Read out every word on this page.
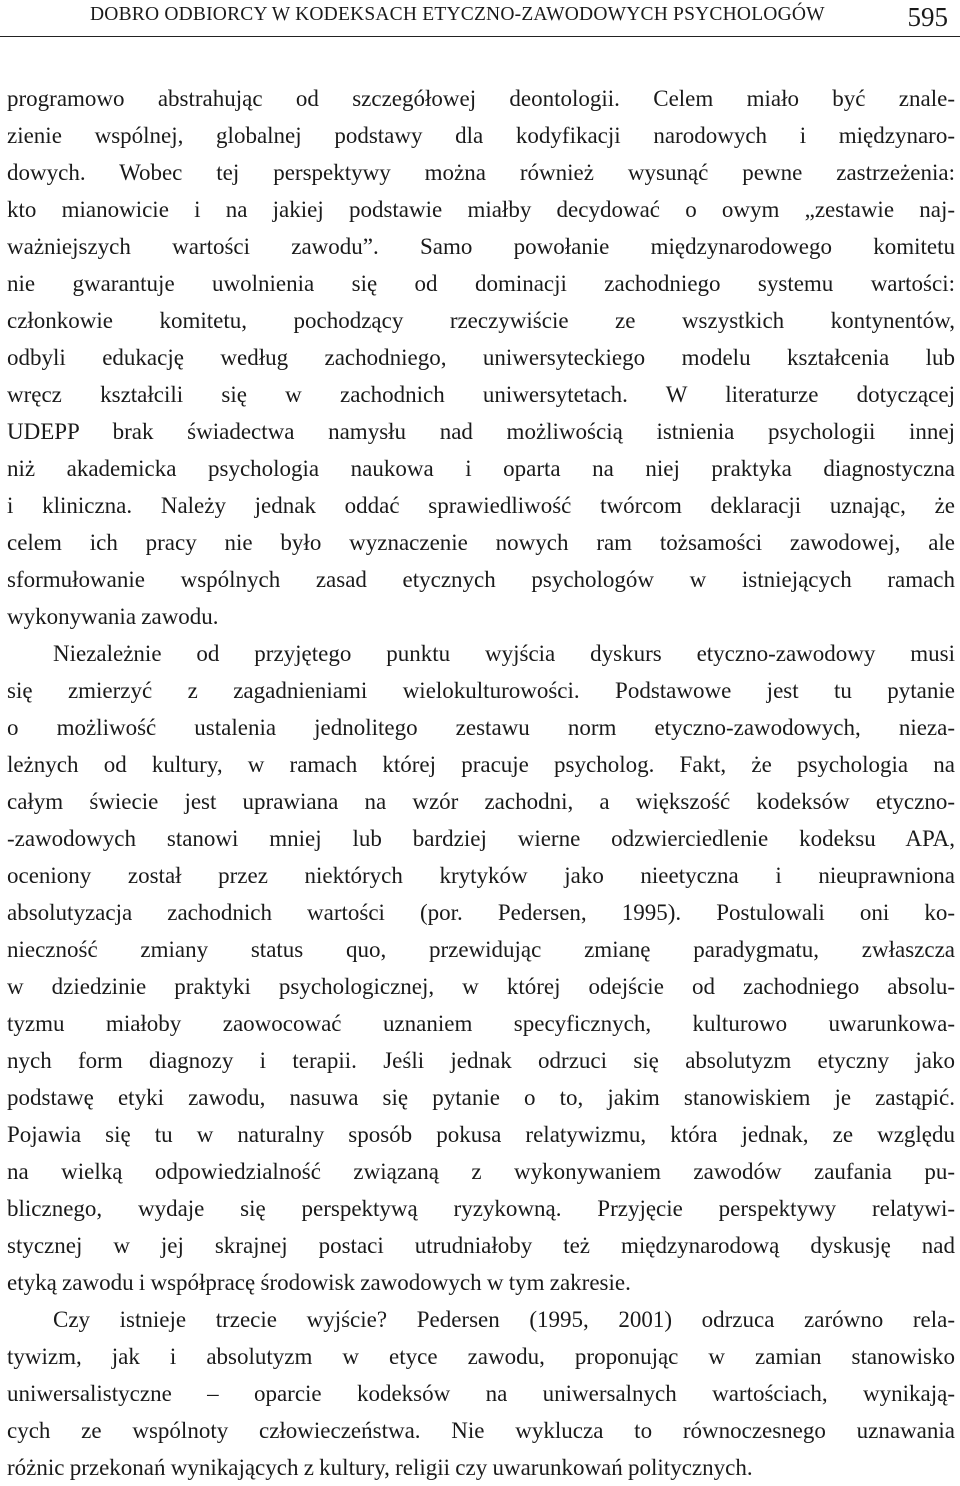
DOBRO ODBIORCY W KODEKSACH ETYCZNO-ZAWODOWYCH PSYCHOLOGÓW	595
programowo abstrahując od szczegółowej deontologii. Celem miało być znale-
zienie wspólnej, globalnej podstawy dla kodyfikacji narodowych i międzynaro-
dowych. Wobec tej perspektywy można również wysunąć pewne zastrzeżenia:
kto mianowicie i na jakiej podstawie miałby decydować o owym „zestawie naj-
ważniejszych wartości zawodu”. Samo powołanie międzynarodowego komitetu
nie gwarantuje uwolnienia się od dominacji zachodniego systemu wartości:
członkowie komitetu, pochodzący rzeczywiście ze wszystkich kontynentów,
odbyli edukację według zachodniego, uniwersyteckiego modelu kształcenia lub
wręcz kształcili się w zachodnich uniwersytetach. W literaturze dotyczącej
UDEPP brak świadectwa namysłu nad możliwością istnienia psychologii innej
niż akademicka psychologia naukowa i oparta na niej praktyka diagnostyczna
i kliniczna. Należy jednak oddać sprawiedliwość twórcom deklaracji uznając, że
celem ich pracy nie było wyznaczenie nowych ram tożsamości zawodowej, ale
sformułowanie wspólnych zasad etycznych psychologów w istniejących ramach
wykonywania zawodu.
Niezależnie od przyjętego punktu wyjścia dyskurs etyczno-zawodowy musi
się zmierzyć z zagadnieniami wielokulturowości. Podstawowe jest tu pytanie
o możliwość ustalenia jednolitego zestawu norm etyczno-zawodowych, nieza-
leżnych od kultury, w ramach której pracuje psycholog. Fakt, że psychologia na
całym świecie jest uprawiana na wzór zachodni, a większość kodeksów etyczno-
-zawodowych stanowi mniej lub bardziej wierne odzwierciedlenie kodeksu APA,
oceniony został przez niektórych krytyków jako nieetyczna i nieuprawniona
absolutyzacja zachodnich wartości (por. Pedersen, 1995). Postulowali oni ko-
nieczność zmiany status quo, przewidując zmianę paradygmatu, zwłaszcza
w dziedzinie praktyki psychologicznej, w której odejście od zachodniego absolu-
tyzmu miałoby zaowocować uznaniem specyficznych, kulturowo uwarunkowa-
nych form diagnozy i terapii. Jeśli jednak odrzuci się absolutyzm etyczny jako
podstawę etyki zawodu, nasuwa się pytanie o to, jakim stanowiskiem je zastąpić.
Pojawia się tu w naturalny sposób pokusa relatywizmu, która jednak, ze względu
na wielką odpowiedzialność związaną z wykonywaniem zawodów zaufania pu-
blicznego, wydaje się perspektywą ryzykowną. Przyjęcie perspektywy relatywi-
stycznej w jej skrajnej postaci utrudniałoby też międzynarodową dyskusję nad
etyką zawodu i współpracę środowisk zawodowych w tym zakresie.
Czy istnieje trzecie wyjście? Pedersen (1995, 2001) odrzuca zarówno rela-
tywizm, jak i absolutyzm w etyce zawodu, proponując w zamian stanowisko
uniwersalistyczne – oparcie kodeksów na uniwersalnych wartościach, wynikają-
cych ze wspólnoty człowieczeństwa. Nie wyklucza to równoczesnego uznawania
różnic przekonań wynikających z kultury, religii czy uwarunkowań politycznych.
